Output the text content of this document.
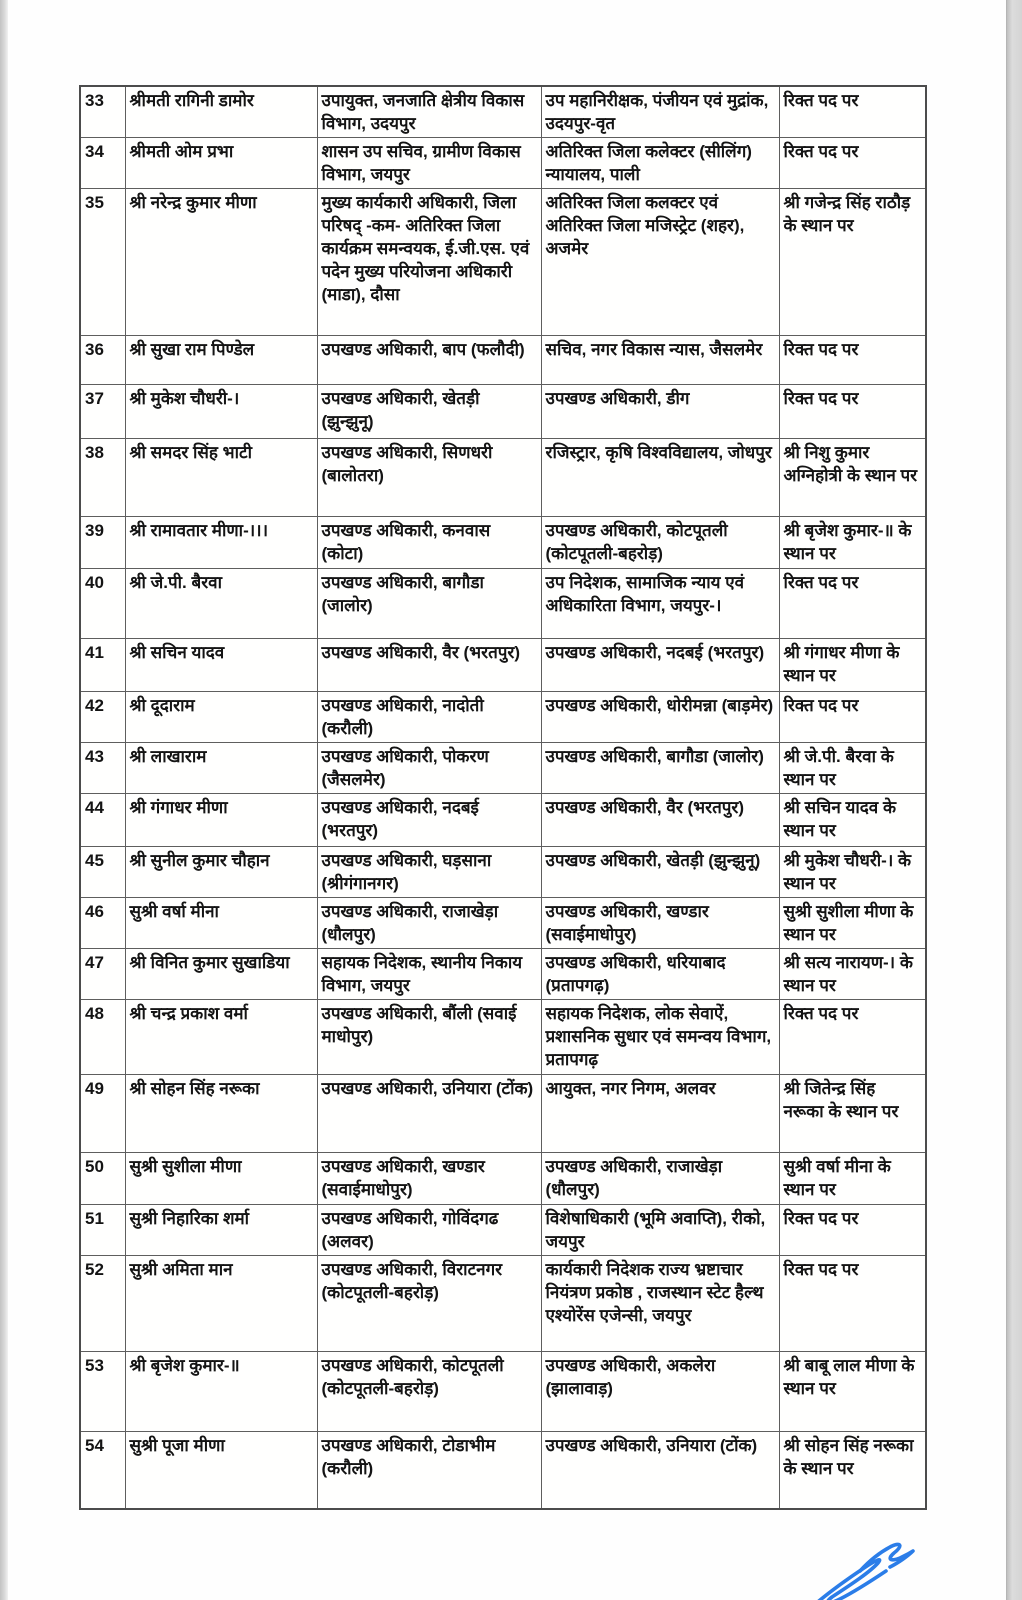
33	श्रीमती रागिनी डामोर	उपायुक्त, जनजाति क्षेत्रीय विकास विभाग, उदयपुर	उप महानिरीक्षक, पंजीयन एवं मुद्रांक, उदयपुर-वृत	रिक्त पद पर
34	श्रीमती ओम प्रभा	शासन उप सचिव, ग्रामीण विकास विभाग, जयपुर	अतिरिक्त जिला कलेक्टर (सीलिंग) न्यायालय, पाली	रिक्त पद पर
35	श्री नरेन्द्र कुमार मीणा	मुख्य कार्यकारी अधिकारी, जिला परिषद् -कम- अतिरिक्त जिला कार्यक्रम समन्वयक, ई.जी.एस. एवं पदेन मुख्य परियोजना अधिकारी (माडा), दौसा	अतिरिक्त जिला कलक्टर एवं अतिरिक्त जिला मजिस्ट्रेट (शहर), अजमेर	श्री गजेन्द्र सिंह राठौड़ के स्थान पर
36	श्री सुखा राम पिण्डेल	उपखण्ड अधिकारी, बाप (फलौदी)	सचिव, नगर विकास न्यास, जैसलमेर	रिक्त पद पर
37	श्री मुकेश चौधरी-।	उपखण्ड अधिकारी, खेतड़ी (झुन्झुनू)	उपखण्ड अधिकारी, डीग	रिक्त पद पर
38	श्री समदर सिंह भाटी	उपखण्ड अधिकारी, सिणधरी (बालोतरा)	रजिस्ट्रार, कृषि विश्वविद्यालय, जोधपुर	श्री निशु कुमार अग्निहोत्री के स्थान पर
39	श्री रामावतार मीणा-।।।	उपखण्ड अधिकारी, कनवास (कोटा)	उपखण्ड अधिकारी, कोटपूतली (कोटपूतली-बहरोड़)	श्री बृजेश कुमार-॥ के स्थान पर
40	श्री जे.पी. बैरवा	उपखण्ड अधिकारी, बागौडा (जालोर)	उप निदेशक, सामाजिक न्याय एवं अधिकारिता विभाग, जयपुर-।	रिक्त पद पर
41	श्री सचिन यादव	उपखण्ड अधिकारी, वैर (भरतपुर)	उपखण्ड अधिकारी, नदबई (भरतपुर)	श्री गंगाधर मीणा के स्थान पर
42	श्री दूदाराम	उपखण्ड अधिकारी, नादोती (करौली)	उपखण्ड अधिकारी, धोरीमन्ना (बाड़मेर)	रिक्त पद पर
43	श्री लाखाराम	उपखण्ड अधिकारी, पोकरण (जैसलमेर)	उपखण्ड अधिकारी, बागौडा (जालोर)	श्री जे.पी. बैरवा के स्थान पर
44	श्री गंगाधर मीणा	उपखण्ड अधिकारी, नदबई (भरतपुर)	उपखण्ड अधिकारी, वैर (भरतपुर)	श्री सचिन यादव के स्थान पर
45	श्री सुनील कुमार चौहान	उपखण्ड अधिकारी, घड़साना (श्रीगंगानगर)	उपखण्ड अधिकारी, खेतड़ी (झुन्झुनू)	श्री मुकेश चौधरी-। के स्थान पर
46	सुश्री वर्षा मीना	उपखण्ड अधिकारी, राजाखेड़ा (धौलपुर)	उपखण्ड अधिकारी, खण्डार (सवाईमाधोपुर)	सुश्री सुशीला मीणा के स्थान पर
47	श्री विनित कुमार सुखाडिया	सहायक निदेशक, स्थानीय निकाय विभाग, जयपुर	उपखण्ड अधिकारी, धरियाबाद (प्रतापगढ़)	श्री सत्य नारायण-। के स्थान पर
48	श्री चन्द्र प्रकाश वर्मा	उपखण्ड अधिकारी, बौंली (सवाई माधोपुर)	सहायक निदेशक, लोक सेवाऐं, प्रशासनिक सुधार एवं समन्वय विभाग, प्रतापगढ़	रिक्त पद पर
49	श्री सोहन सिंह नरूका	उपखण्ड अधिकारी, उनियारा (टोंक)	आयुक्त, नगर निगम, अलवर	श्री जितेन्द्र सिंह नरूका के स्थान पर
50	सुश्री सुशीला मीणा	उपखण्ड अधिकारी, खण्डार (सवाईमाधोपुर)	उपखण्ड अधिकारी, राजाखेड़ा (धौलपुर)	सुश्री वर्षा मीना के स्थान पर
51	सुश्री निहारिका शर्मा	उपखण्ड अधिकारी, गोविंदगढ (अलवर)	विशेषाधिकारी (भूमि अवाप्ति), रीको, जयपुर	रिक्त पद पर
52	सुश्री अमिता मान	उपखण्ड अधिकारी, विराटनगर (कोटपूतली-बहरोड़)	कार्यकारी निदेशक राज्य भ्रष्टाचार नियंत्रण प्रकोष्ठ , राजस्थान स्टेट हैल्थ एश्योरेंस एजेन्सी, जयपुर	रिक्त पद पर
53	श्री बृजेश कुमार-॥	उपखण्ड अधिकारी, कोटपूतली (कोटपूतली-बहरोड़)	उपखण्ड अधिकारी, अकलेरा (झालावाड़)	श्री बाबू लाल मीणा के स्थान पर
54	सुश्री पूजा मीणा	उपखण्ड अधिकारी, टोडाभीम (करौली)	उपखण्ड अधिकारी, उनियारा (टोंक)	श्री सोहन सिंह नरूका के स्थान पर
